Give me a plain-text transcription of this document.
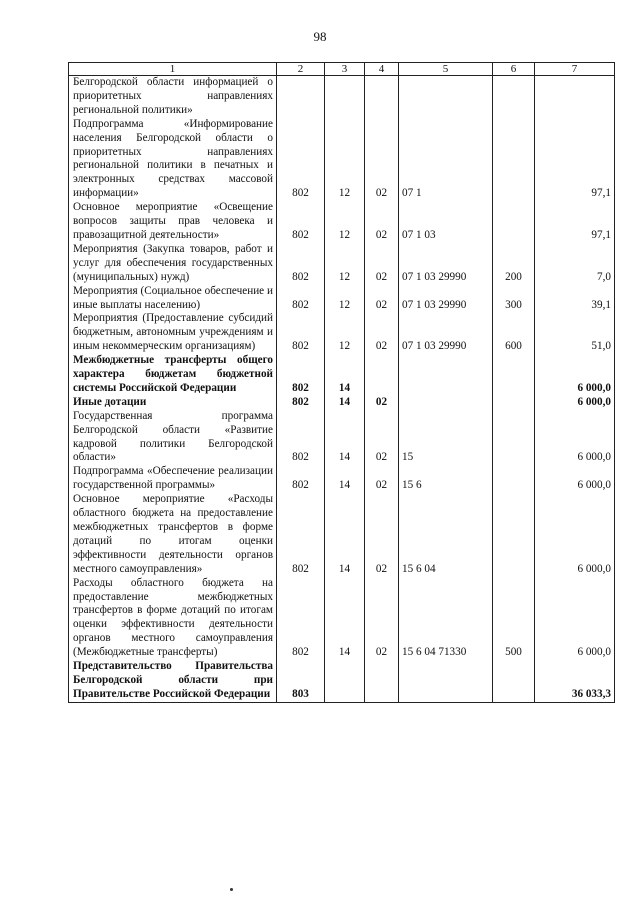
98
1	2	3	4	5	6	7
Белгородской области информацией о приоритетных направлениях региональной политики»						
Подпрограмма «Информирование населения Белгородской области о приоритетных направлениях региональной политики в печатных и электронных средствах массовой информации»	802	12	02	07 1		97,1
Основное мероприятие «Освещение вопросов защиты прав человека и правозащитной деятельности»	802	12	02	07 1 03		97,1
Мероприятия (Закупка товаров, работ и услуг для обеспечения государственных (муниципальных) нужд)	802	12	02	07 1 03 29990	200	7,0
Мероприятия (Социальное обеспечение и иные выплаты населению)	802	12	02	07 1 03 29990	300	39,1
Мероприятия (Предоставление субсидий бюджетным, автономным учреждениям и иным некоммерческим организациям)	802	12	02	07 1 03 29990	600	51,0
Межбюджетные трансферты общего характера бюджетам бюджетной системы Российской Федерации	802	14				6 000,0
Иные дотации	802	14	02			6 000,0
Государственная программа Белгородской области «Развитие кадровой политики Белгородской области»	802	14	02	15		6 000,0
Подпрограмма «Обеспечение реализации государственной программы»	802	14	02	15 6		6 000,0
Основное мероприятие «Расходы областного бюджета на предоставление межбюджетных трансфертов в форме дотаций по итогам оценки эффективности деятельности органов местного самоуправления»	802	14	02	15 6 04		6 000,0
Расходы областного бюджета на предоставление межбюджетных трансфертов в форме дотаций по итогам оценки эффективности деятельности органов местного самоуправления (Межбюджетные трансферты)	802	14	02	15 6 04 71330	500	6 000,0
Представительство Правительства Белгородской области при Правительстве Российской Федерации	803					36 033,3
